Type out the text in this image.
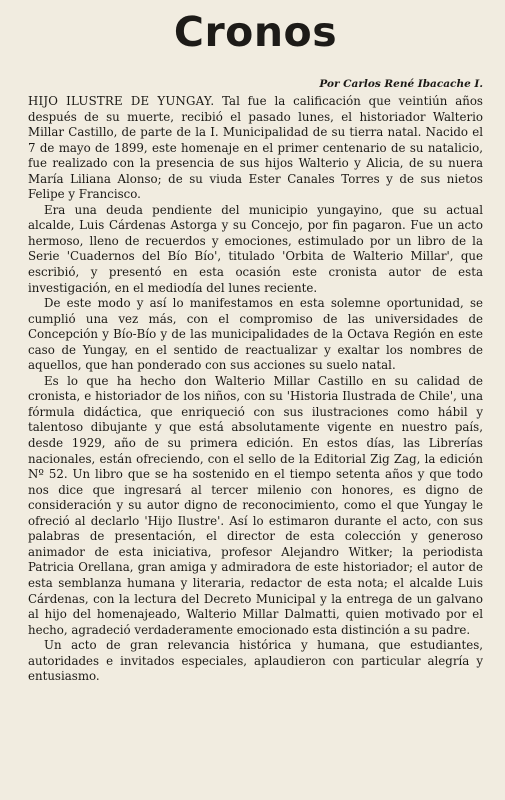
Cronos
Por Carlos René Ibacache I.

HIJO ILUSTRE DE YUNGAY. Tal fue la calificación que veintiún años después de su muerte, recibió el pasado lunes, el historiador Walterio Millar Castillo, de parte de la I. Municipalidad de su tierra natal. Nacido el 7 de mayo de 1899, este homenaje en el primer centenario de su natalicio, fue realizado con la presencia de sus hijos Walterio y Alicia, de su nuera María Liliana Alonso; de su viuda Ester Canales Torres y de sus nietos Felipe y Francisco.

Era una deuda pendiente del municipio yungayino, que su actual alcalde, Luis Cárdenas Astorga y su Concejo, por fin pagaron. Fue un acto hermoso, lleno de recuerdos y emociones, estimulado por un libro de la Serie 'Cuadernos del Bío Bío', titulado 'Orbita de Walterio Millar', que escribió, y presentó en esta ocasión este cronista autor de esta investigación, en el mediodía del lunes reciente.

De este modo y así lo manifestamos en esta solemne oportunidad, se cumplió una vez más, con el compromiso de las universidades de Concepción y Bío-Bío y de las municipalidades de la Octava Región en este caso de Yungay, en el sentido de reactualizar y exaltar los nombres de aquellos, que han ponderado con sus acciones su suelo natal.

Es lo que ha hecho don Walterio Millar Castillo en su calidad de cronista, e historiador de los niños, con su 'Historia Ilustrada de Chile', una fórmula didáctica, que enriqueció con sus ilustraciones como hábil y talentoso dibujante y que está absolutamente vigente en nuestro país, desde 1929, año de su primera edición. En estos días, las Librerías nacionales, están ofreciendo, con el sello de la Editorial Zig Zag, la edición Nº 52. Un libro que se ha sostenido en el tiempo setenta años y que todo nos dice que ingresará al tercer milenio con honores, es digno de consideración y su autor digno de reconocimiento, como el que Yungay le ofreció al declarlo 'Hijo Ilustre'. Así lo estimaron durante el acto, con sus palabras de presentación, el director de esta colección y generoso animador de esta iniciativa, profesor Alejandro Witker; la periodista Patricia Orellana, gran amiga y admiradora de este historiador; el autor de esta semblanza humana y literaria, redactor de esta nota; el alcalde Luis Cárdenas, con la lectura del Decreto Municipal y la entrega de un galvano al hijo del homenajeado, Walterio Millar Dalmatti, quien motivado por el hecho, agradeció verdaderamente emocionado esta distinción a su padre.

Un acto de gran relevancia histórica y humana, que estudiantes, autoridades e invitados especiales, aplaudieron con particular alegría y entusiasmo.
